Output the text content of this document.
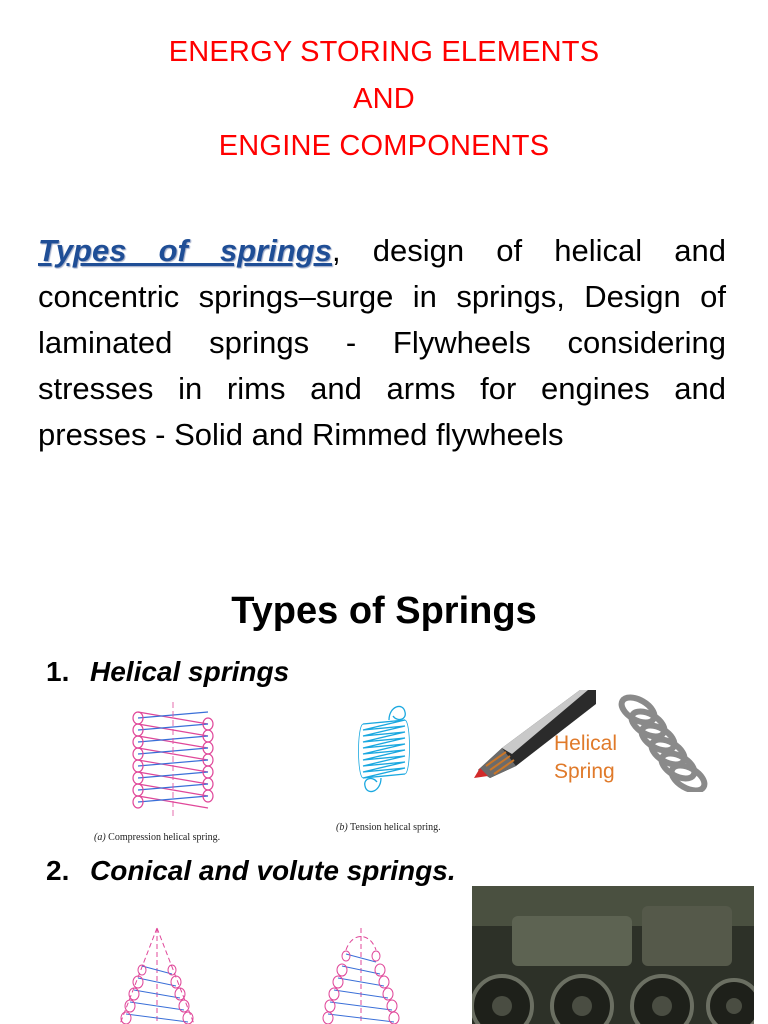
ENERGY STORING ELEMENTS
AND
ENGINE COMPONENTS
Types of springs, design of helical and concentric springs–surge in springs, Design of laminated springs - Flywheels considering stresses in rims and arms for engines and presses - Solid and Rimmed flywheels
Types of Springs
1. Helical springs
(a) Compression helical spring.
(b) Tension helical spring.
Helical
Spring
2. Conical and volute springs.
